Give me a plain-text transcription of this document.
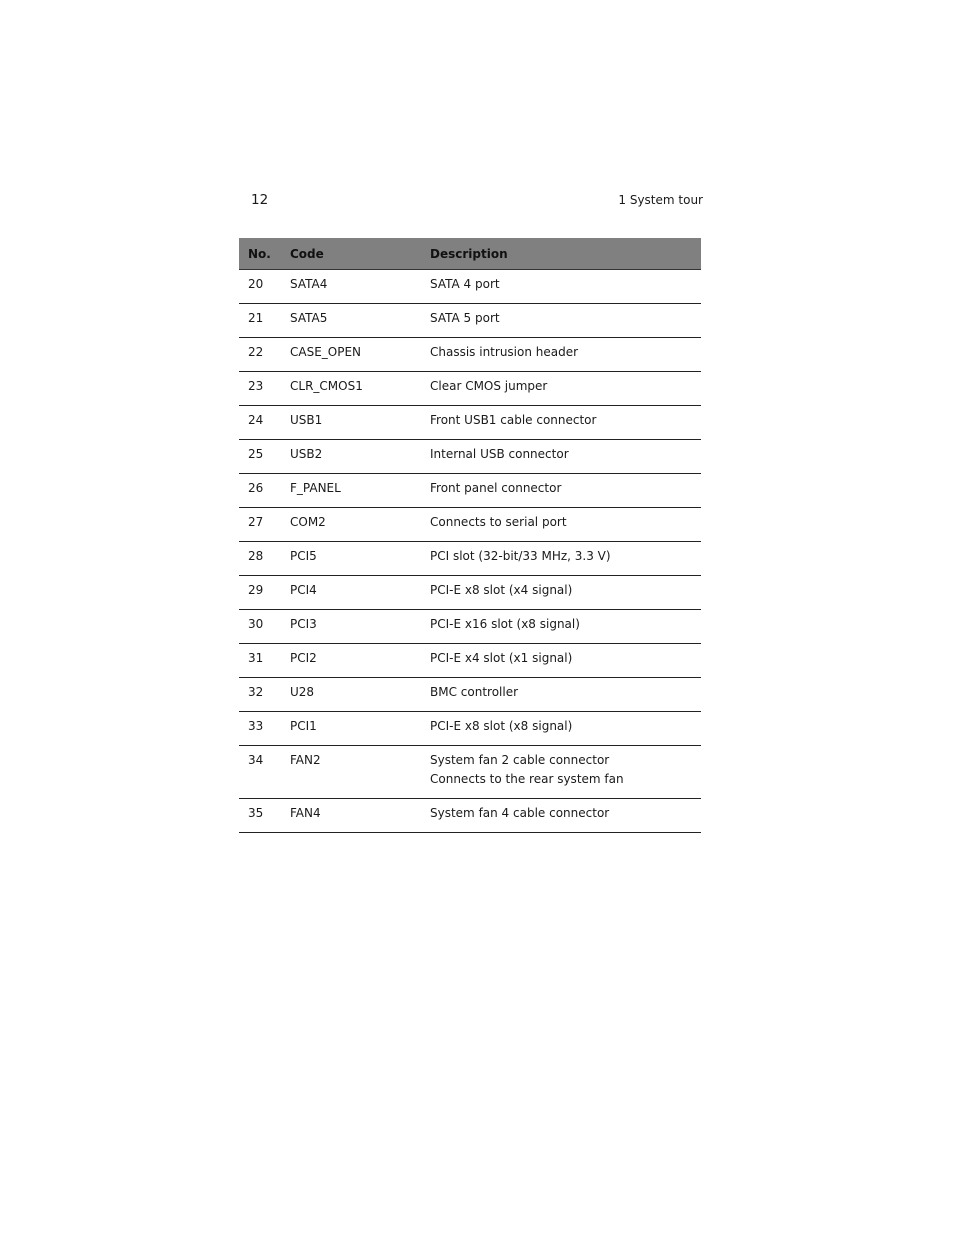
12	1 System tour
No.	Code	Description
20	SATA4	SATA 4 port

21	SATA5	SATA 5 port

22	CASE_OPEN	Chassis intrusion header

23	CLR_CMOS1	Clear CMOS jumper

24	USB1	Front USB1 cable connector

25	USB2	Internal USB connector

26	F_PANEL	Front panel connector

27	COM2	Connects to serial port

28	PCI5	PCI slot (32-bit/33 MHz, 3.3 V)

29	PCI4	PCI-E x8 slot (x4 signal)

30	PCI3	PCI-E x16 slot (x8 signal)

31	PCI2	PCI-E x4 slot (x1 signal)

32	U28	BMC controller

33	PCI1	PCI-E x8 slot (x8 signal)

34	FAN2	System fan 2 cable connector
Connects to the rear system fan

35	FAN4	System fan 4 cable connector
